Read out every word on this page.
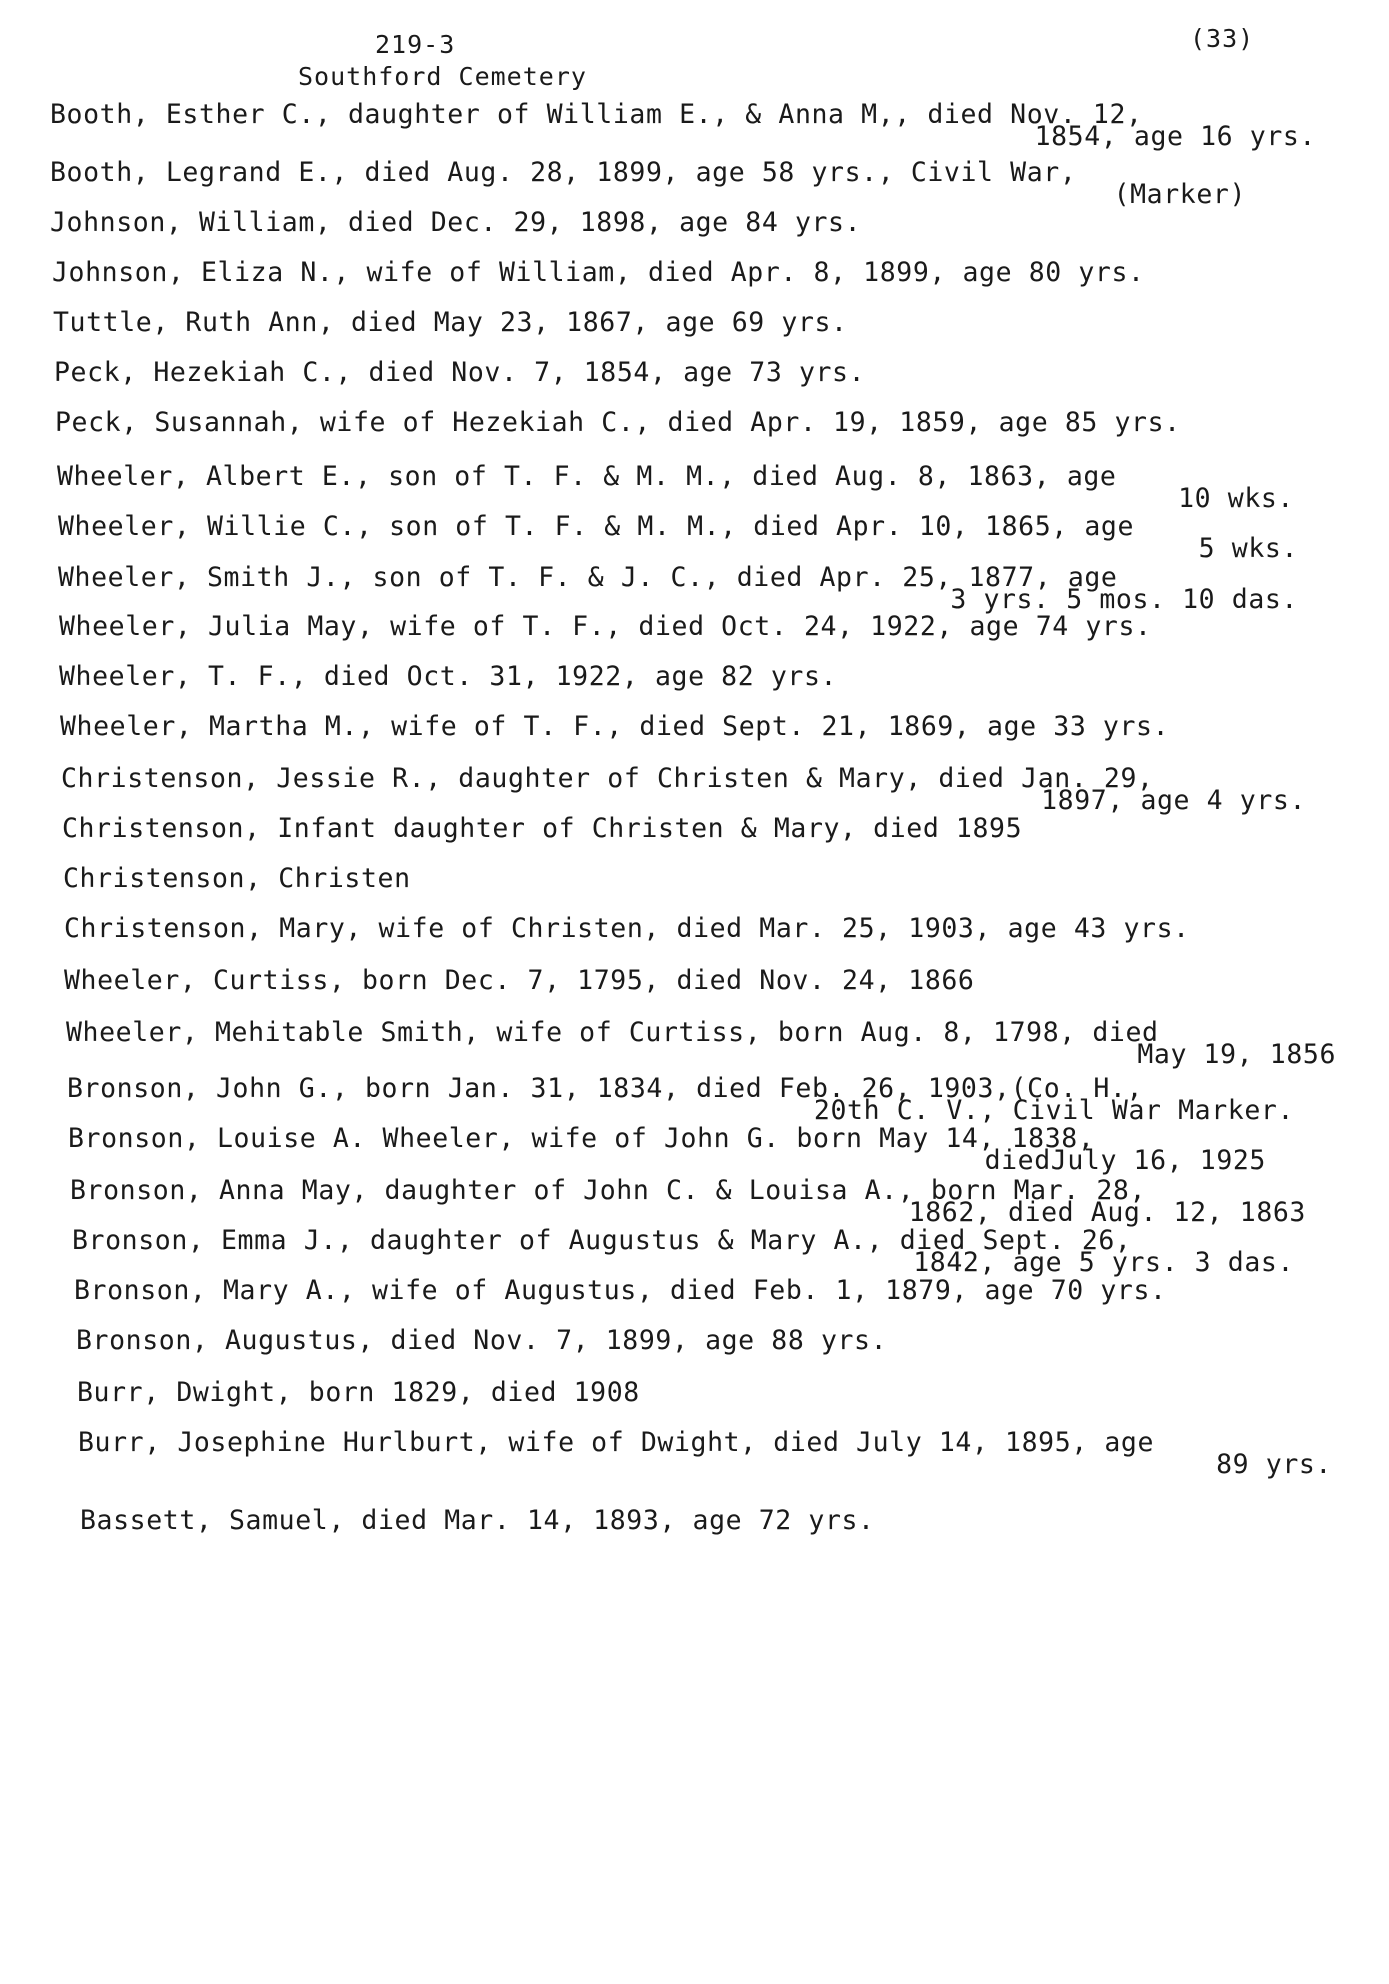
219-3
Southford Cemetery
(33)
Booth, Esther C., daughter of William E., & Anna M,, died Nov. 12,
1854, age 16 yrs.
Booth, Legrand E., died Aug. 28, 1899, age 58 yrs., Civil War,
(Marker)
Johnson, William, died Dec. 29, 1898, age 84 yrs.
Johnson, Eliza N., wife of William, died Apr. 8, 1899, age 80 yrs.
Tuttle, Ruth Ann, died May 23, 1867, age 69 yrs.
Peck, Hezekiah C., died Nov. 7, 1854, age 73 yrs.
Peck, Susannah, wife of Hezekiah C., died Apr. 19, 1859, age 85 yrs.
Wheeler, Albert E., son of T. F. & M. M., died Aug. 8, 1863, age
10 wks.
Wheeler, Willie C., son of T. F. & M. M., died Apr. 10, 1865, age
5 wks.
Wheeler, Smith J., son of T. F. & J. C., died Apr. 25, 1877, age
3 yrs. 5 mos. 10 das.
Wheeler, Julia May, wife of T. F., died Oct. 24, 1922, age 74 yrs.
Wheeler, T. F., died Oct. 31, 1922, age 82 yrs.
Wheeler, Martha M., wife of T. F., died Sept. 21, 1869, age 33 yrs.
Christenson, Jessie R., daughter of Christen & Mary, died Jan. 29,
1897, age 4 yrs.
Christenson, Infant daughter of Christen & Mary, died 1895
Christenson, Christen
Christenson, Mary, wife of Christen, died Mar. 25, 1903, age 43 yrs.
Wheeler, Curtiss, born Dec. 7, 1795, died Nov. 24, 1866
Wheeler, Mehitable Smith, wife of Curtiss, born Aug. 8, 1798, died
May 19, 1856
Bronson, John G., born Jan. 31, 1834, died Feb. 26, 1903,(Co. H.,
20th C. V., Civil War Marker.
Bronson, Louise A. Wheeler, wife of John G. born May 14, 1838,
diedJuly 16, 1925
Bronson, Anna May, daughter of John C. & Louisa A., born Mar. 28,
1862, died Aug. 12, 1863
Bronson, Emma J., daughter of Augustus & Mary A., died Sept. 26,
1842, age 5 yrs. 3 das.
Bronson, Mary A., wife of Augustus, died Feb. 1, 1879, age 70 yrs.
Bronson, Augustus, died Nov. 7, 1899, age 88 yrs.
Burr, Dwight, born 1829, died 1908
Burr, Josephine Hurlburt, wife of Dwight, died July 14, 1895, age
89 yrs.
Bassett, Samuel, died Mar. 14, 1893, age 72 yrs.
